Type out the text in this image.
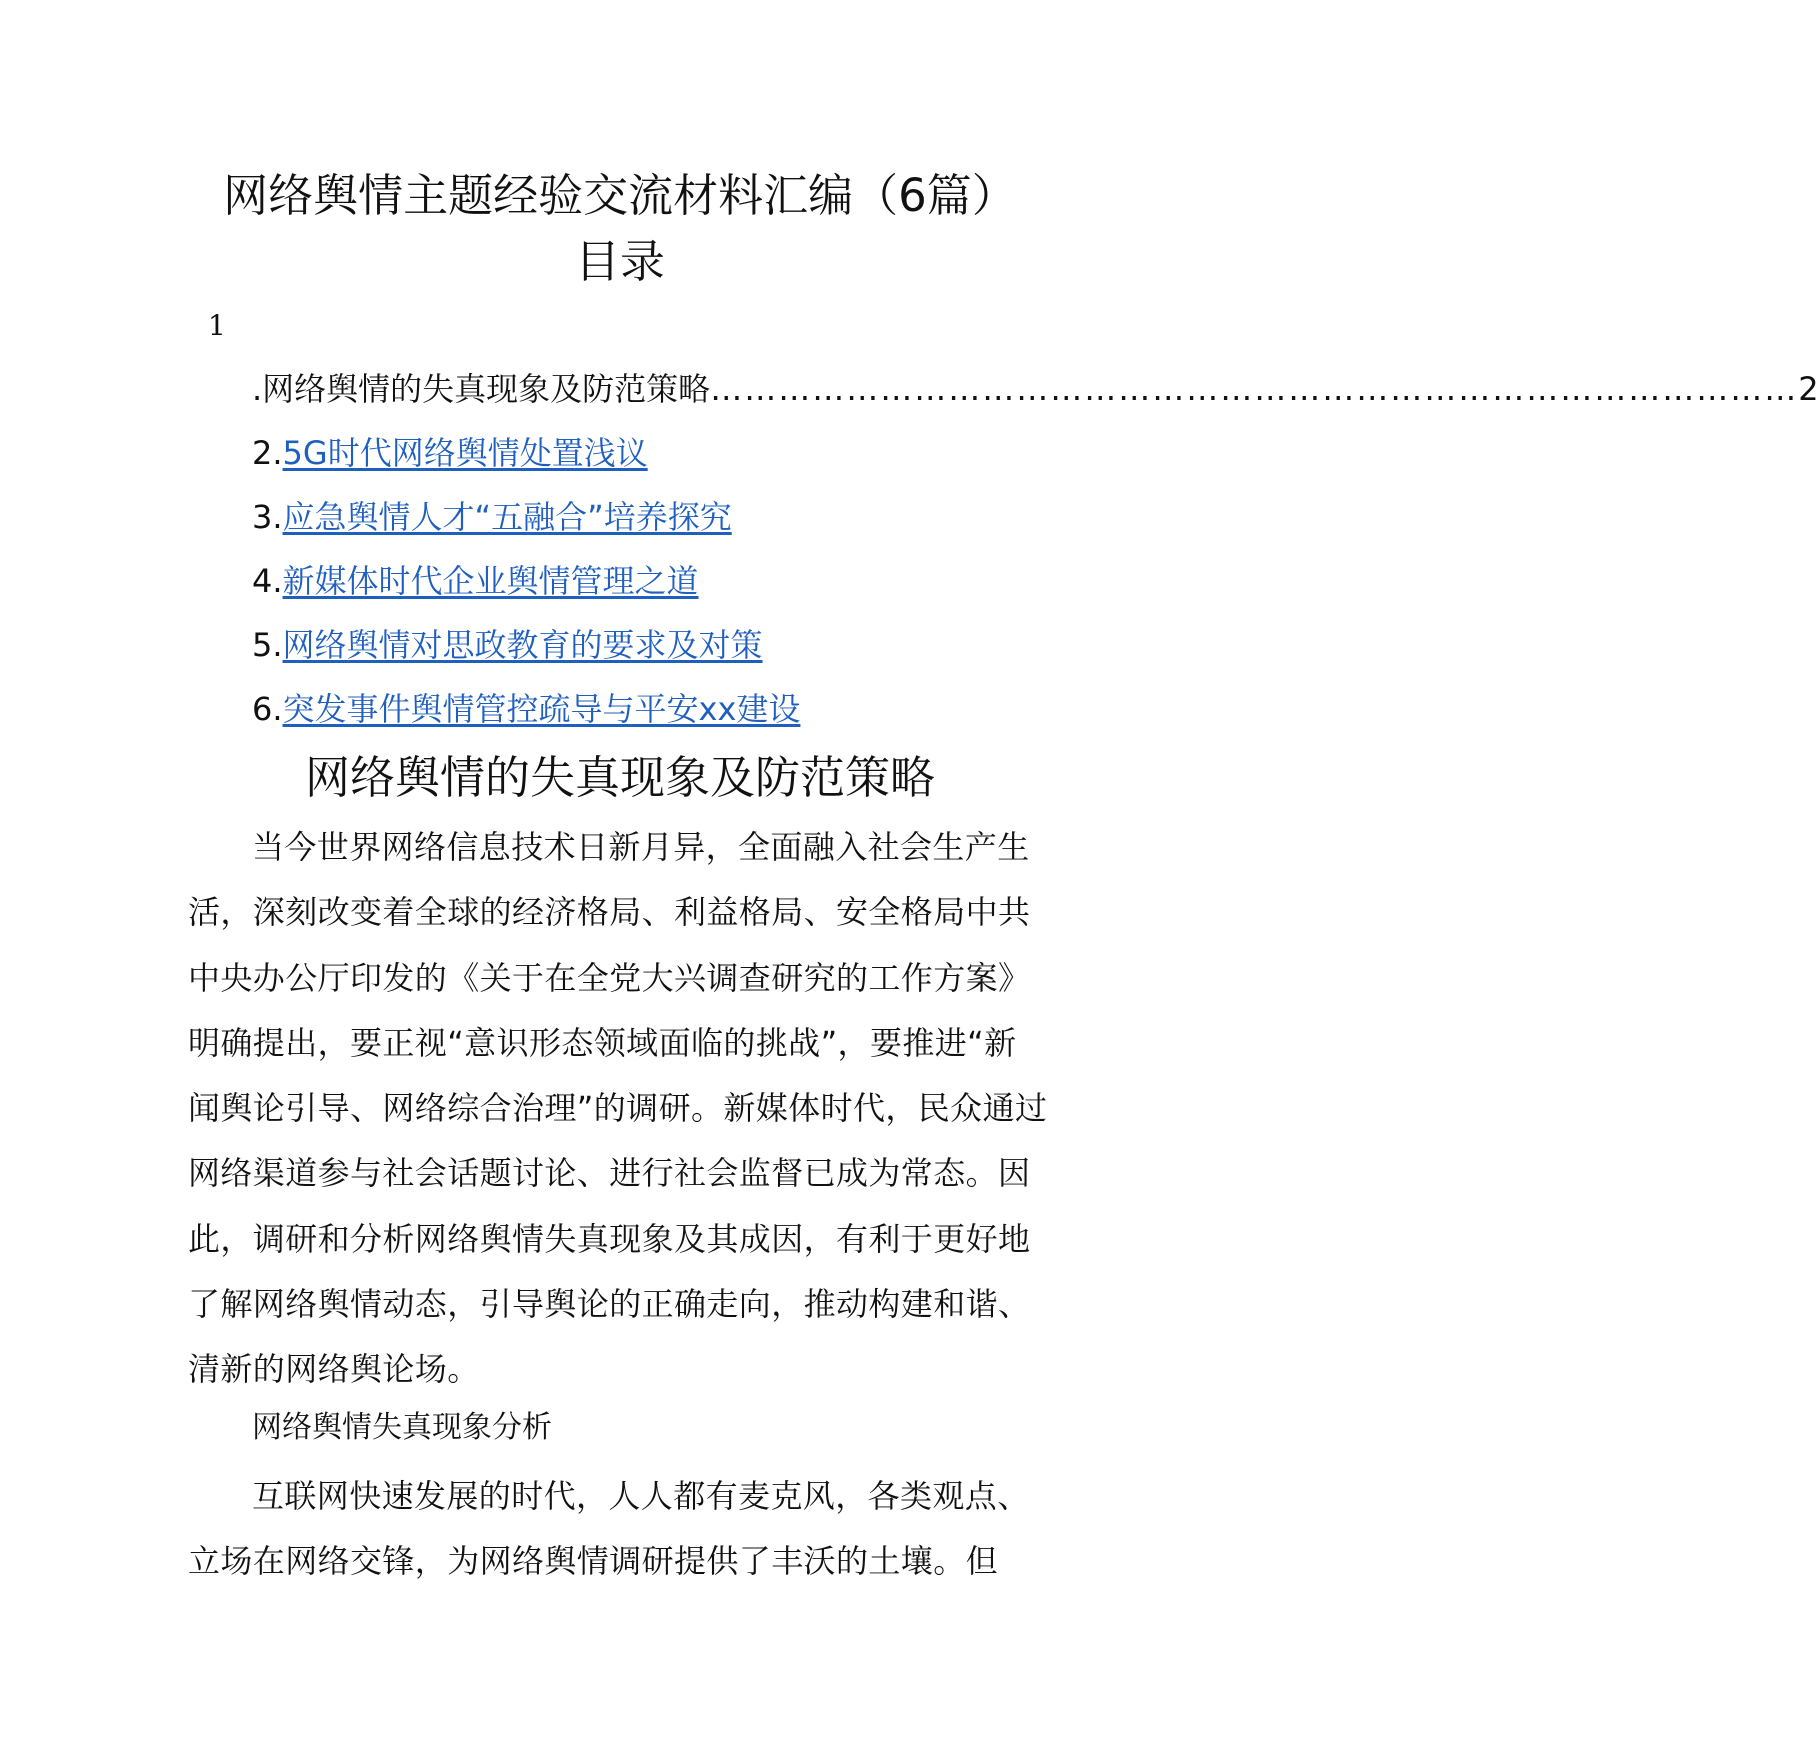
网络舆情主题经验交流材料汇编（6篇）
目录
1
.网络舆情的失真现象及防范策略 …………………………………………………………………………………… 2
2.5G时代网络舆情处置浅议
3.应急舆情人才“五融合”培养探究
4.新媒体时代企业舆情管理之道
5.网络舆情对思政教育的要求及对策
6.突发事件舆情管控疏导与平安xx建设
网络舆情的失真现象及防范策略
当今世界网络信息技术日新月异，全面融入社会生产生活，深刻改变着全球的经济格局、利益格局、安全格局中共中央办公厅印发的《关于在全党大兴调查研究的工作方案》明确提出，要正视“意识形态领域面临的挑战”，要推进“新闻舆论引导、网络综合治理”的调研。新媒体时代，民众通过网络渠道参与社会话题讨论、进行社会监督已成为常态。因此，调研和分析网络舆情失真现象及其成因，有利于更好地了解网络舆情动态，引导舆论的正确走向，推动构建和谐、清新的网络舆论场。
网络舆情失真现象分析
互联网快速发展的时代，人人都有麦克风，各类观点、立场在网络交锋，为网络舆情调研提供了丰沃的土壤。但
